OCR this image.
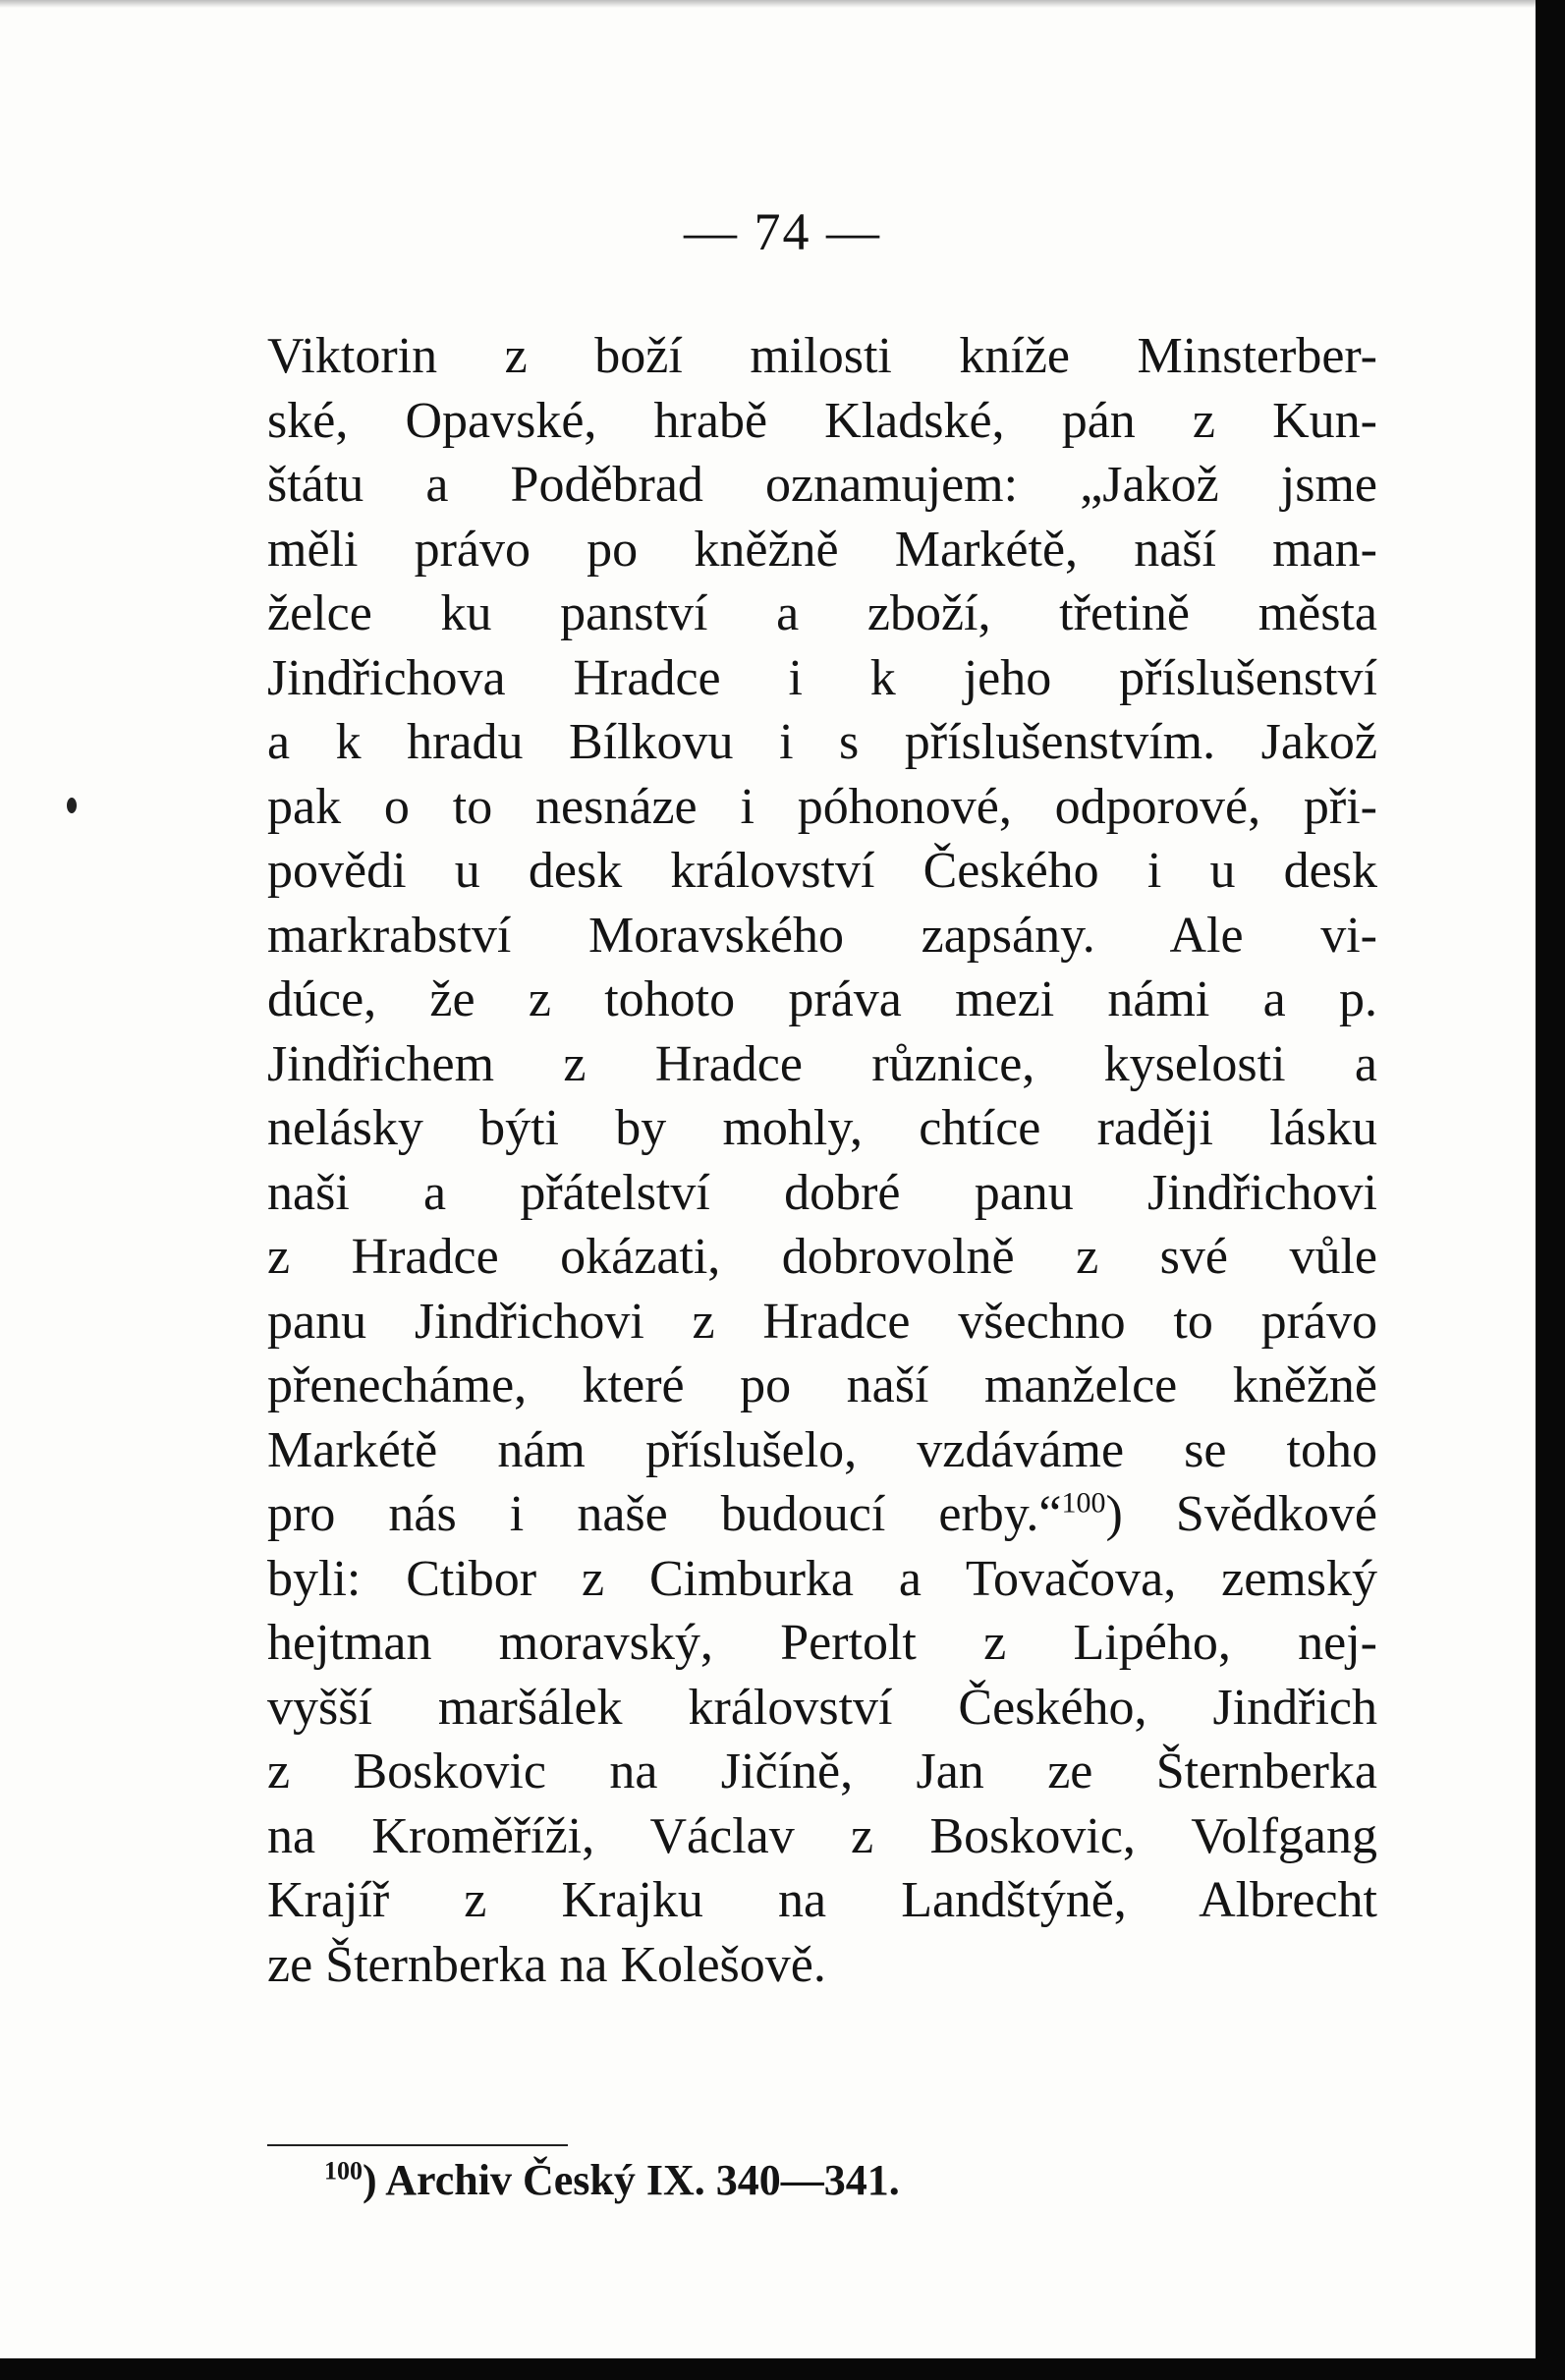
— 74 —
Viktorin z boží milosti kníže Minsterber-
ské, Opavské, hrabě Kladské, pán z Kun-
štátu a Poděbrad oznamujem: „Jakož jsme
měli právo po kněžně Markétě, naší man-
želce ku panství a zboží, třetině města
Jindřichova Hradce i k jeho příslušenství
a k hradu Bílkovu i s příslušenstvím. Jakož
pak o to nesnáze i póhonové, odporové, při-
povědi u desk království Českého i u desk
markrabství Moravského zapsány. Ale vi-
dúce, že z tohoto práva mezi námi a p.
Jindřichem z Hradce různice, kyselosti a
nelásky býti by mohly, chtíce raději lásku
naši a přátelství dobré panu Jindřichovi
z Hradce okázati, dobrovolně z své vůle
panu Jindřichovi z Hradce všechno to právo
přenecháme, které po naší manželce kněžně
Markétě nám příslušelo, vzdáváme se toho
pro nás i naše budoucí erby.“$^{100}$) Svědkové
byli: Ctibor z Cimburka a Tovačova, zemský
hejtman moravský, Pertolt z Lipého, nej-
vyšší maršálek království Českého, Jindřich
z Boskovic na Jičíně, Jan ze Šternberka
na Kroměříži, Václav z Boskovic, Volfgang
Krajíř z Krajku na Landštýně, Albrecht
ze Šternberka na Kolešově.
$^{100}$) Archiv Český IX. 340—341.
